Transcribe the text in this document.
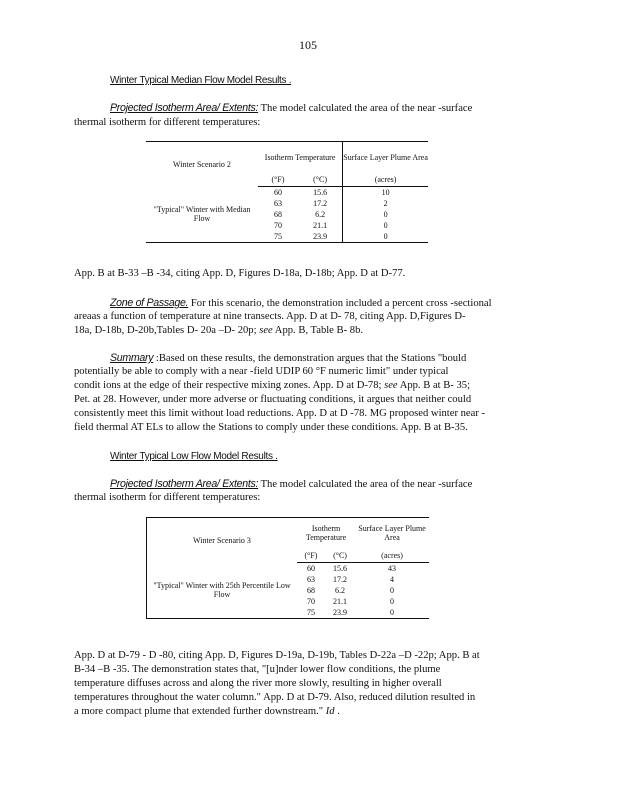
105
Winter Typical Median Flow Model Results .
Projected Isotherm Area/ Extents: The model calculated the area of the near -surface
thermal isotherm for different temperatures:
Winter Scenario 2	Isotherm Temperature		Surface Layer Plume Area
	(°F)	(°C)	(acres)
"Typical" Winter with Median Flow	60	15.6	10
	63	17.2	2
	68	6.2	0
	70	21.1	0
	75	23.9	0
App. B at B-33 –B -34, citing App. D, Figures D-18a, D-18b; App. D at D-77.
Zone of Passage. For this scenario, the demonstration included a percent cross -sectional
areaas a function of temperature at nine transects. App. D at D- 78, citing App. D,Figures D-
18a, D-18b, D-20b,Tables D- 20a –D- 20p; see App. B, Table B- 8b.
Summary :Based on these results, the demonstration argues that the Stations "bould
potentially be able to comply with a near -field UDIP 60 °F numeric limit" under typical
condit ions at the edge of their respective mixing zones. App. D at D-78; see App. B at B- 35;
Pet. at 28. However, under more adverse or fluctuating conditions, it argues that neither could
consistently meet this limit without load reductions. App. D at D -78. MG proposed winter near -
field thermal AT ELs to allow the Stations to comply under these conditions. App. B at B-35.
Winter Typical Low Flow Model Results .
Projected Isotherm Area/ Extents: The model calculated the area of the near -surface
thermal isotherm for different temperatures:
Winter Scenario 3	Isotherm Temperature		Surface Layer Plume Area
	(°F)	(°C)	(acres)
"Typical" Winter with 25th Percentile Low Flow	60	15.6	43
	63	17.2	4
	68	6.2	0
	70	21.1	0
	75	23.9	0
App. D at D-79 - D -80, citing App. D, Figures D-19a, D-19b, Tables D-22a –D -22p; App. B at
B-34 –B -35. The demonstration states that, "[u]nder lower flow conditions, the plume
temperature diffuses across and along the river more slowly, resulting in higher overall
temperatures throughout the water column." App. D at D-79. Also, reduced dilution resulted in
a more compact plume that extended further downstream." Id .
